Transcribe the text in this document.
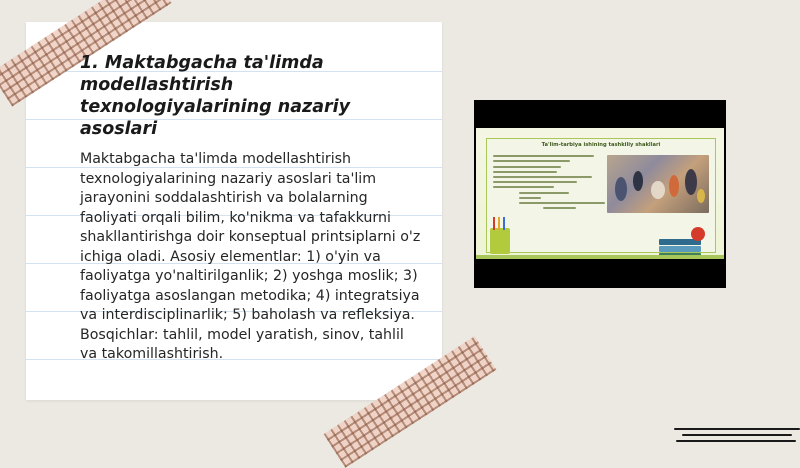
1. Maktabgacha ta'limda modellashtirish texnologiyalarining nazariy asoslari

Maktabgacha ta'limda modellashtirish texnologiyalarining nazariy asoslari ta'lim jarayonini soddalashtirish va bolalarning faoliyati orqali bilim, ko'nikma va tafakkurni shakllantirishga doir konseptual printsiplarni o'z ichiga oladi. Asosiy elementlar: 1) o'yin va faoliyatga yo'naltirilganlik; 2) yoshga moslik; 3) faoliyatga asoslangan metodika; 4) integratsiya va interdisciplinarlik; 5) baholash va refleksiya. Bosqichlar: tahlil, model yaratish, sinov, tahlil va takomillashtirish.

Ta'lim-tarbiya ishining tashkiliy shakllari
